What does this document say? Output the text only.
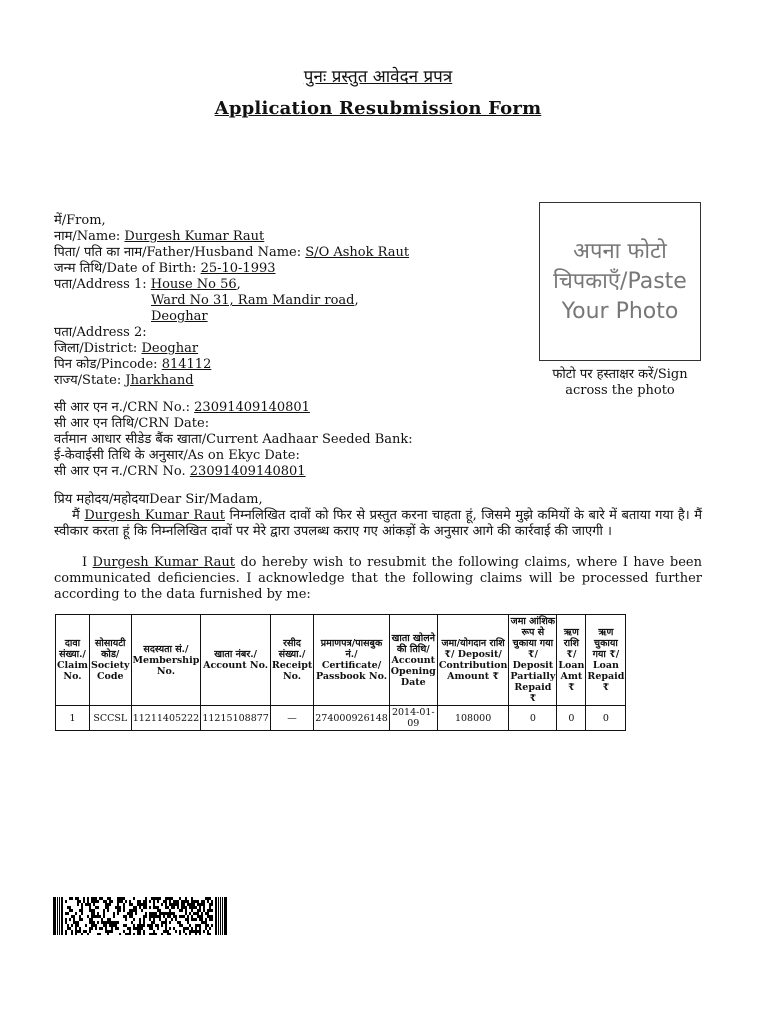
पुनः प्रस्तुत आवेदन प्रपत्र
Application Resubmission Form
में/From,
नाम/Name: Durgesh Kumar Raut
पिता/ पति का नाम/Father/Husband Name: S/O Ashok Raut
जन्म तिथि/Date of Birth: 25-10-1993
पता/Address 1: House No 56,
Ward No 31, Ram Mandir road,
Deoghar
पता/Address 2:
जिला/District: Deoghar
पिन कोड/Pincode: 814112
राज्य/State: Jharkhand
अपना फोटो चिपकाएँ/Paste Your Photo
फोटो पर हस्ताक्षर करें/Sign across the photo
सी आर एन न./CRN No.: 23091409140801
सी आर एन तिथि/CRN Date:
वर्तमान आधार सीडेड बैंक खाता/Current Aadhaar Seeded Bank:
ई-केवाईसी तिथि के अनुसार/As on Ekyc Date:
सी आर एन न./CRN No. 23091409140801
प्रिय महोदय/महोदयाDear Sir/Madam,
मैं Durgesh Kumar Raut निम्नलिखित दावों को फिर से प्रस्तुत करना चाहता हूं, जिसमे मुझे कमियों के बारे में बताया गया है। मैं स्वीकार करता हूं कि निम्नलिखित दावों पर मेरे द्वारा उपलब्ध कराए गए आंकड़ों के अनुसार आगे की कार्रवाई की जाएगी ।
I Durgesh Kumar Raut do hereby wish to resubmit the following claims, where I have been communicated deficiencies. I acknowledge that the following claims will be processed further according to the data furnished by me:
दावा संख्या./ Claim No.	सोसायटी कोड/ Society Code	सदस्यता सं./ Membership No.	खाता नंबर./ Account No.	रसीद संख्या./ Receipt No.	प्रमाणपत्र/पासबुक नं./ Certificate/ Passbook No.	खाता खोलने की तिथि/ Account Opening Date	जमा/योगदान राशि ₹/ Deposit/ Contribution Amount ₹	जमा आंशिक रूप से चुकाया गया ₹/ Deposit Partially Repaid ₹	ऋण राशि ₹/ Loan Amt ₹	ऋण चुकाया गया ₹/ Loan Repaid ₹
1	SCCSL	11211405222	11215108877	—	274000926148	2014-01-09	108000	0	0	0
